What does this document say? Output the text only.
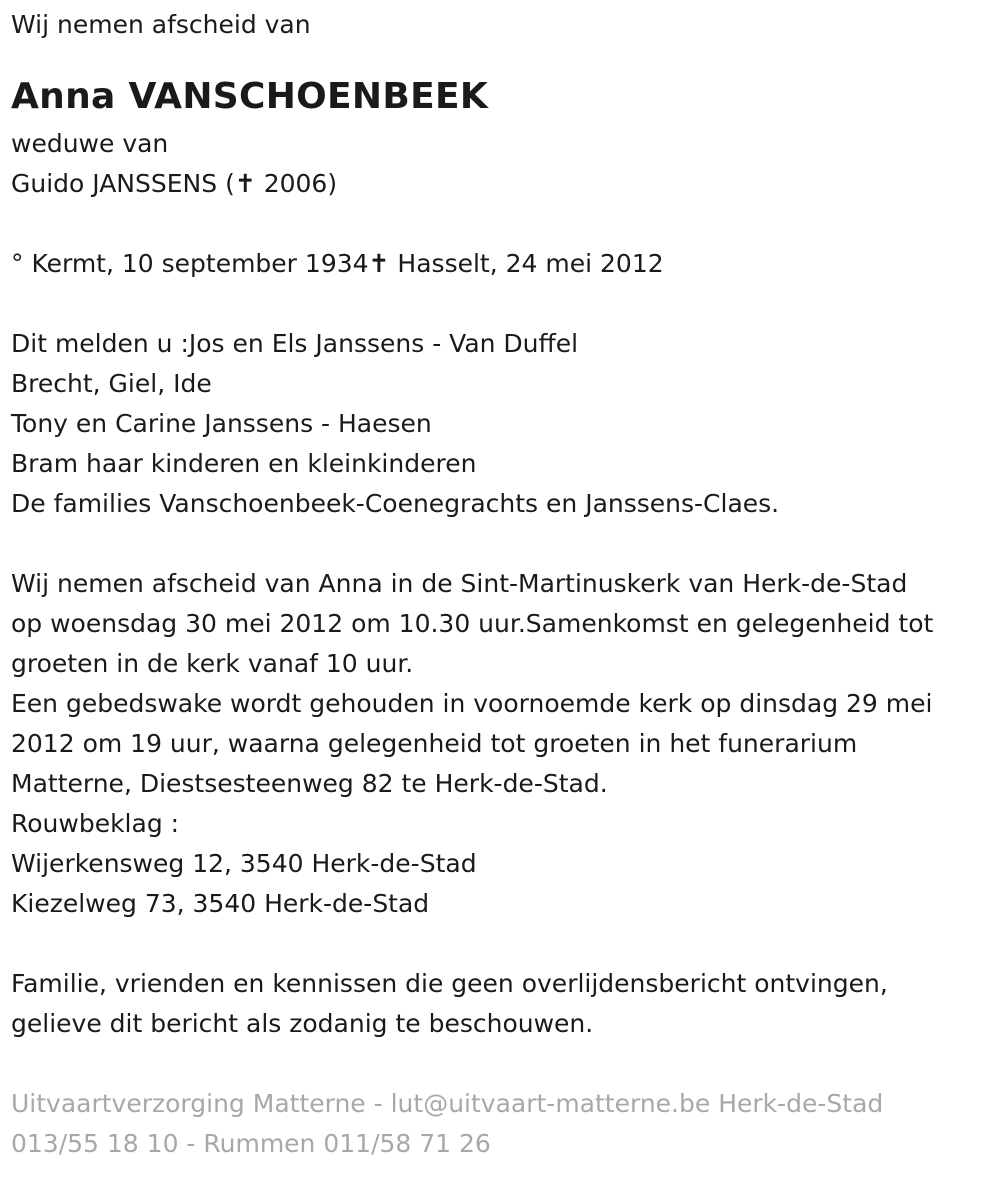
Wij nemen afscheid van

Anna VANSCHOENBEEK

weduwe van

Guido JANSSENS (✝ 2006)

° Kermt, 10 september 1934✝ Hasselt, 24 mei 2012

Dit melden u :Jos en Els Janssens - Van Duffel

Brecht, Giel, Ide

Tony en Carine Janssens - Haesen

Bram haar kinderen en kleinkinderen

De families Vanschoenbeek-Coenegrachts en Janssens-Claes.

Wij nemen afscheid van Anna in de Sint-Martinuskerk van Herk-de-Stad

op woensdag 30 mei 2012 om 10.30 uur.Samenkomst en gelegenheid tot

groeten in de kerk vanaf 10 uur.

Een gebedswake wordt gehouden in voornoemde kerk op dinsdag 29 mei

2012 om 19 uur, waarna gelegenheid tot groeten in het funerarium

Matterne, Diestsesteenweg 82 te Herk-de-Stad.

Rouwbeklag :

Wijerkensweg 12, 3540 Herk-de-Stad

Kiezelweg 73, 3540 Herk-de-Stad

Familie, vrienden en kennissen die geen overlijdensbericht ontvingen,

gelieve dit bericht als zodanig te beschouwen.

Uitvaartverzorging Matterne - lut@uitvaart-matterne.be Herk-de-Stad

013/55 18 10 - Rummen 011/58 71 26
